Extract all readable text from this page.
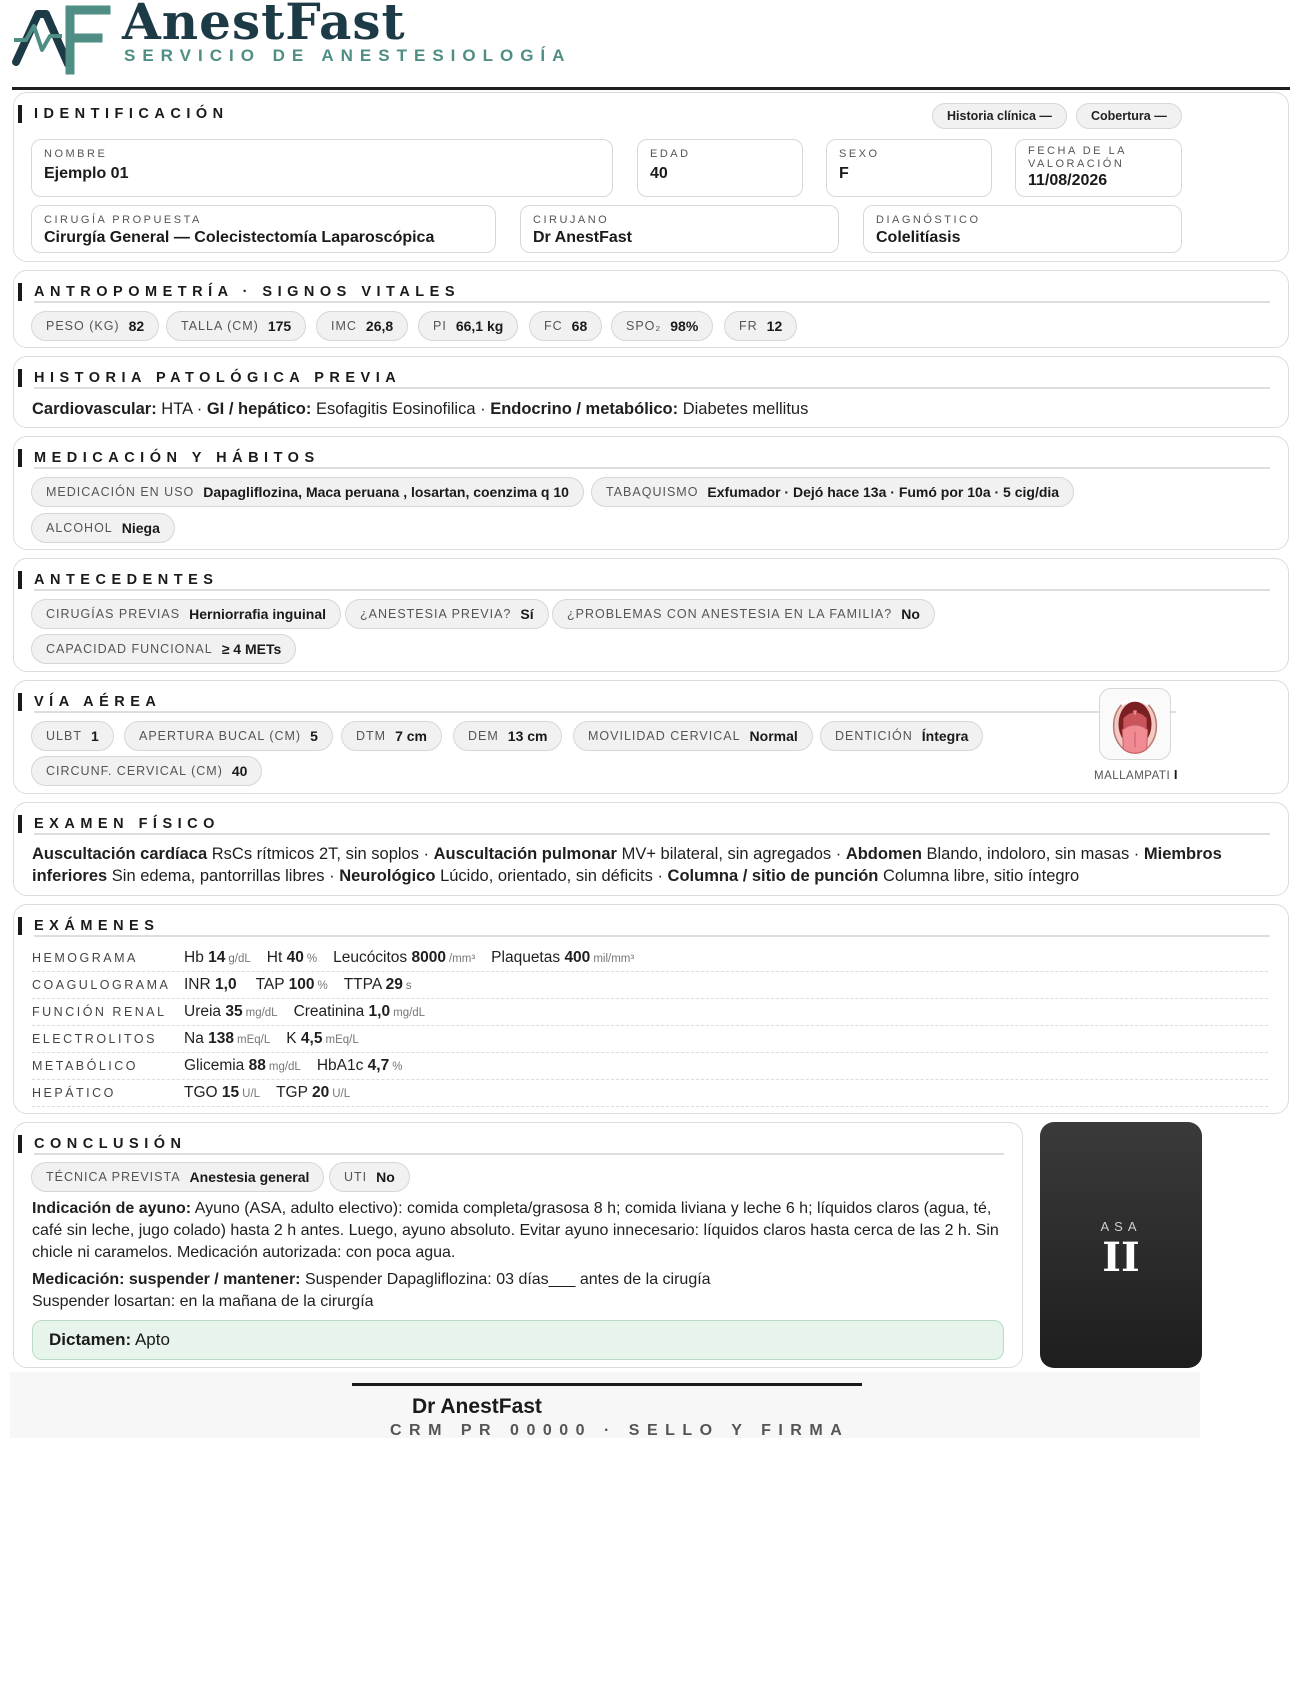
AnestFast
SERVICIO DE ANESTESIOLOGÍA
IDENTIFICACIÓN	Historia clínica —	Cobertura —
NOMBRE
Ejemplo 01
EDAD
40
SEXO
F
FECHA DE LA VALORACIÓN
11/08/2026
CIRUGÍA PROPUESTA
Cirurgía General — Colecistectomía Laparoscópica
CIRUJANO
Dr AnestFast
DIAGNÓSTICO
Colelitíasis
ANTROPOMETRÍA · SIGNOS VITALES
PESO (KG) 82	TALLA (CM) 175	IMC 26,8	PI 66,1 kg	FC 68	SPO₂ 98%	FR 12
HISTORIA PATOLÓGICA PREVIA
Cardiovascular: HTA · GI / hepático: Esofagitis Eosinofilica · Endocrino / metabólico: Diabetes mellitus
MEDICACIÓN Y HÁBITOS
MEDICACIÓN EN USO Dapagliflozina, Maca peruana , losartan, coenzima q 10	TABAQUISMO Exfumador · Dejó hace 13a · Fumó por 10a · 5 cig/dia
ALCOHOL Niega
ANTECEDENTES
CIRUGÍAS PREVIAS Herniorrafia inguinal	¿ANESTESIA PREVIA? Sí	¿PROBLEMAS CON ANESTESIA EN LA FAMILIA? No
CAPACIDAD FUNCIONAL ≥ 4 METs
VÍA AÉREA
ULBT 1	APERTURA BUCAL (CM) 5	DTM 7 cm	DEM 13 cm	MOVILIDAD CERVICAL Normal	DENTICIÓN Íntegra
CIRCUNF. CERVICAL (CM) 40	MALLAMPATI I
EXAMEN FÍSICO
Auscultación cardíaca RsCs rítmicos 2T, sin soplos · Auscultación pulmonar MV+ bilateral, sin agregados · Abdomen Blando, indoloro, sin masas · Miembros inferiores Sin edema, pantorrillas libres · Neurológico Lúcido, orientado, sin déficits · Columna / sitio de punción Columna libre, sitio íntegro
EXÁMENES
HEMOGRAMA	Hb 14 g/dL Ht 40 % Leucócitos 8000 /mm³ Plaquetas 400 mil/mm³
COAGULOGRAMA INR 1,0 TAP 100 % TTPA 29 s
FUNCIÓN RENAL	Ureia 35 mg/dL Creatinina 1,0 mg/dL
ELECTROLITOS	Na 138 mEq/L K 4,5 mEq/L
METABÓLICO	Glicemia 88 mg/dL HbA1c 4,7 %
HEPÁTICO	TGO 15 U/L TGP 20 U/L
CONCLUSIÓN
TÉCNICA PREVISTA Anestesia general	UTI No
Indicación de ayuno: Ayuno (ASA, adulto electivo): comida completa/grasosa 8 h; comida liviana y leche 6 h; líquidos claros (agua, té, café sin leche, jugo colado) hasta 2 h antes. Luego, ayuno absoluto. Evitar ayuno innecesario: líquidos claros hasta cerca de las 2 h. Sin chicle ni caramelos. Medicación autorizada: con poca agua.
Medicación: suspender / mantener: Suspender Dapagliflozina: 03 días___ antes de la cirugía
Suspender losartan: en la mañana de la cirurgía
Dictamen: Apto
ASA
II
Dr AnestFast
CRM PR 00000 · SELLO Y FIRMA
